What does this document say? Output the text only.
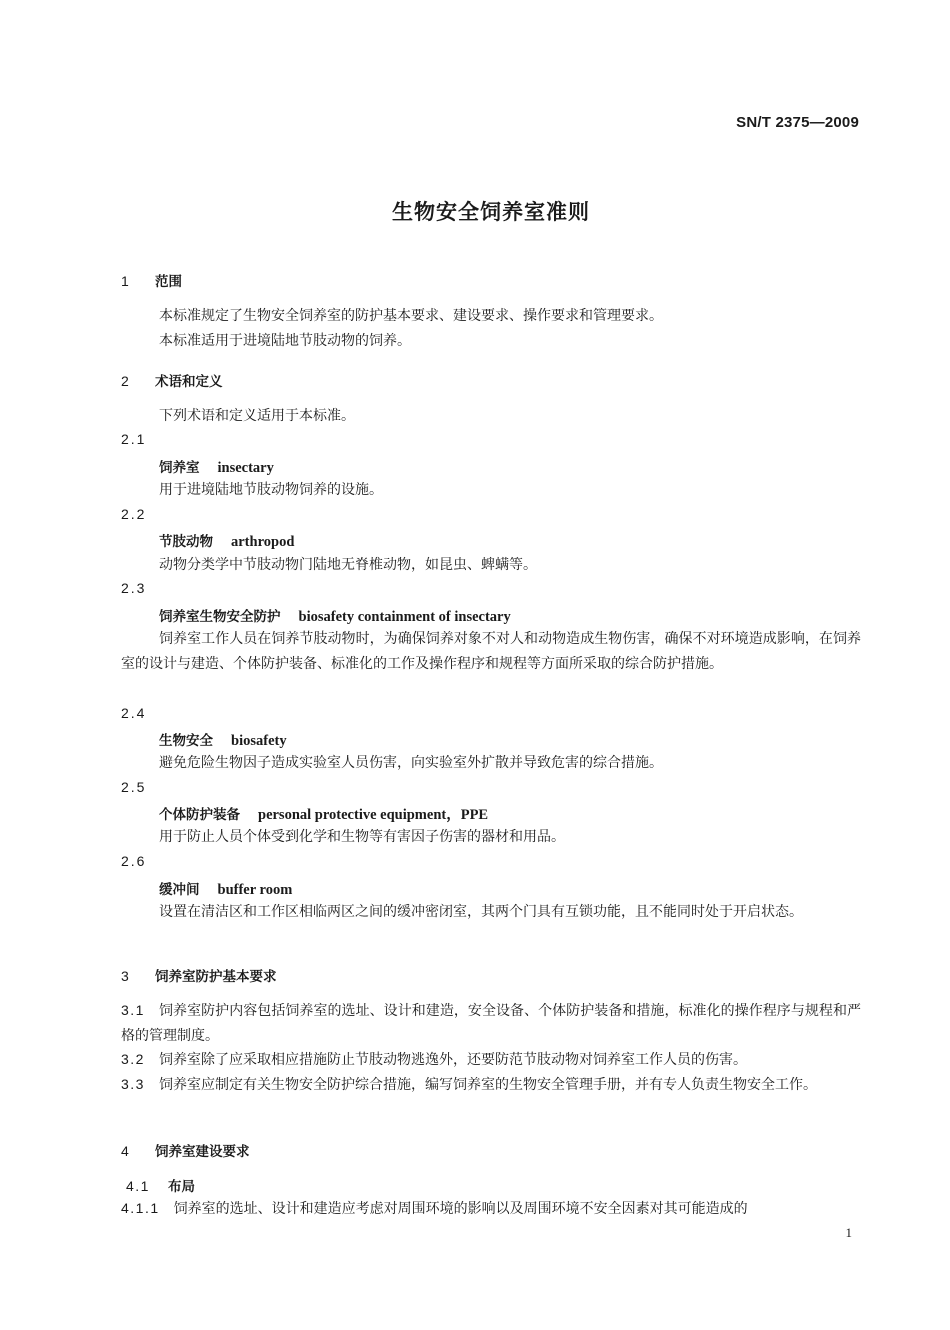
SN/T 2375—2009
生物安全饲养室准则
1 范围
本标准规定了生物安全饲养室的防护基本要求、建设要求、操作要求和管理要求。
本标准适用于进境陆地节肢动物的饲养。
2 术语和定义
下列术语和定义适用于本标准。
2.1
饲养室 insectary
用于进境陆地节肢动物饲养的设施。
2.2
节肢动物 arthropod
动物分类学中节肢动物门陆地无脊椎动物，如昆虫、蜱螨等。
2.3
饲养室生物安全防护 biosafety containment of insectary
饲养室工作人员在饲养节肢动物时，为确保饲养对象不对人和动物造成生物伤害，确保不对环境造成影响，在饲养室的设计与建造、个体防护装备、标准化的工作及操作程序和规程等方面所采取的综合防护措施。
2.4
生物安全 biosafety
避免危险生物因子造成实验室人员伤害，向实验室外扩散并导致危害的综合措施。
2.5
个体防护装备 personal protective equipment，PPE
用于防止人员个体受到化学和生物等有害因子伤害的器材和用品。
2.6
缓冲间 buffer room
设置在清洁区和工作区相临两区之间的缓冲密闭室，其两个门具有互锁功能，且不能同时处于开启状态。
3 饲养室防护基本要求
3.1 饲养室防护内容包括饲养室的选址、设计和建造，安全设备、个体防护装备和措施，标准化的操作程序与规程和严格的管理制度。
3.2 饲养室除了应采取相应措施防止节肢动物逃逸外，还要防范节肢动物对饲养室工作人员的伤害。
3.3 饲养室应制定有关生物安全防护综合措施，编写饲养室的生物安全管理手册，并有专人负责生物安全工作。
4 饲养室建设要求
4.1 布局
4.1.1 饲养室的选址、设计和建造应考虑对周围环境的影响以及周围环境不安全因素对其可能造成的
1
